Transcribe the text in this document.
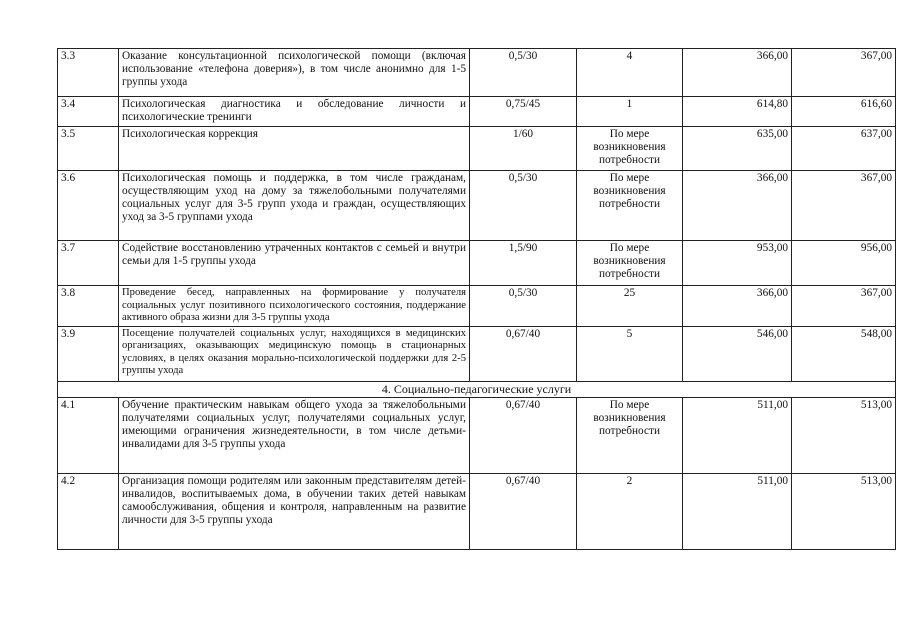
3.3	Оказание консультационной психологической помощи (включая использование «телефона доверия»), в том числе анонимно для 1-5 группы ухода	0,5/30	4	366,00	367,00
3.4	Психологическая диагностика и обследование личности и психологические тренинги	0,75/45	1	614,80	616,60
3.5	Психологическая коррекция	1/60	По мере возникновения потребности	635,00	637,00
3.6	Психологическая помощь и поддержка, в том числе гражданам, осуществляющим уход на дому за тяжелобольными получателями социальных услуг для 3-5 групп ухода и граждан, осуществляющих уход за 3-5 группами ухода	0,5/30	По мере возникновения потребности	366,00	367,00
3.7	Содействие восстановлению утраченных контактов с семьей и внутри семьи для 1-5 группы ухода	1,5/90	По мере возникновения потребности	953,00	956,00
3.8	Проведение бесед, направленных на формирование у получателя социальных услуг позитивного психологического состояния, поддержание активного образа жизни для 3-5 группы ухода	0,5/30	25	366,00	367,00
3.9	Посещение получателей социальных услуг, находящихся в медицинских организациях, оказывающих медицинскую помощь в стационарных условиях, в целях оказания морально-психологической поддержки для 2-5 группы ухода	0,67/40	5	546,00	548,00
4. Социально-педагогические услуги					
4.1	Обучение практическим навыкам общего ухода за тяжелобольными получателями социальных услуг, получателями социальных услуг, имеющими ограничения жизнедеятельности, в том числе детьми-инвалидами для 3-5 группы ухода	0,67/40	По мере возникновения потребности	511,00	513,00
4.2	Организация помощи родителям или законным представителям детей-инвалидов, воспитываемых дома, в обучении таких детей навыкам самообслуживания, общения и контроля, направленным на развитие личности для 3-5 группы ухода	0,67/40	2	511,00	513,00
